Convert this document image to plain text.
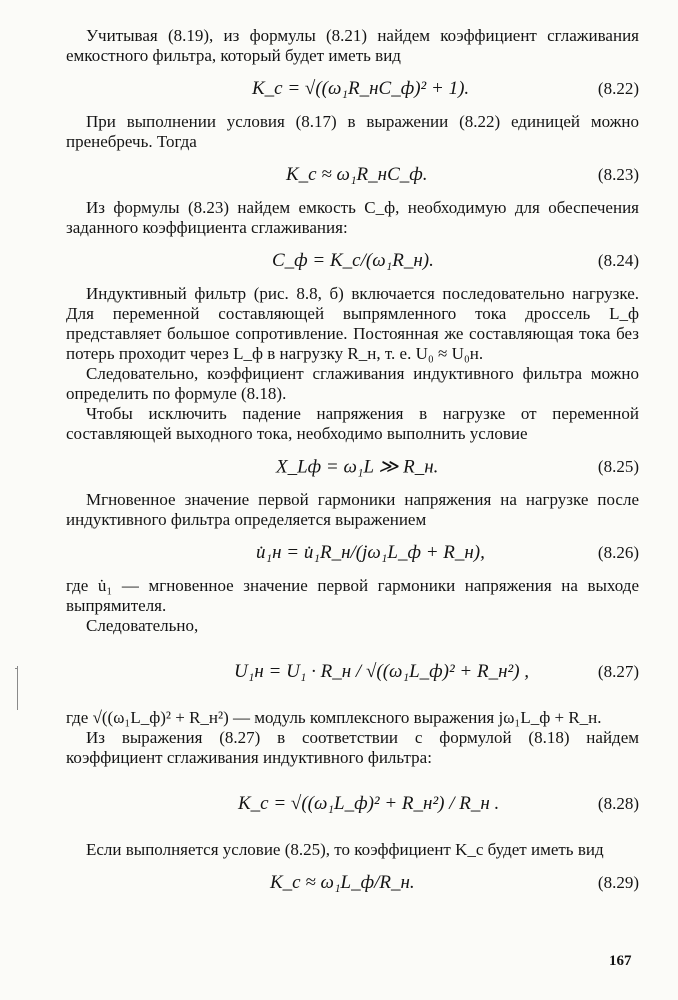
Учитывая (8.19), из формулы (8.21) найдем коэффициент сглаживания емкостного фильтра, который будет иметь вид

K_c = √((ω₁R_нC_ф)² + 1).	(8.22)

При выполнении условия (8.17) в выражении (8.22) единицей можно пренебречь. Тогда

K_c ≈ ω₁R_нC_ф.	(8.23)

Из формулы (8.23) найдем емкость C_ф, необходимую для обеспечения заданного коэффициента сглаживания:

C_ф = K_c/(ω₁R_н).	(8.24)

Индуктивный фильтр (рис. 8.8, б) включается последовательно нагрузке. Для переменной составляющей выпрямленного тока дроссель L_ф представляет большое сопротивление. Постоянная же составляющая тока без потерь проходит через L_ф в нагрузку R_н, т. е. U₀ ≈ U₀н.

Следовательно, коэффициент сглаживания индуктивного фильтра можно определить по формуле (8.18).

Чтобы исключить падение напряжения в нагрузке от переменной составляющей выходного тока, необходимо выполнить условие

X_Lф = ω₁L ≫ R_н.	(8.25)

Мгновенное значение первой гармоники напряжения на нагрузке после индуктивного фильтра определяется выражением

u̇₁н = u̇₁R_н/(jω₁L_ф + R_н),	(8.26)

где u̇₁ — мгновенное значение первой гармоники напряжения на выходе выпрямителя.

Следовательно,

U₁н = U₁ · R_н / √((ω₁L_ф)² + R_н²) ,	(8.27)

где √((ω₁L_ф)² + R_н²) — модуль комплексного выражения jω₁L_ф + R_н.

Из выражения (8.27) в соответствии с формулой (8.18) найдем коэффициент сглаживания индуктивного фильтра:

K_c = √((ω₁L_ф)² + R_н²) / R_н .	(8.28)

Если выполняется условие (8.25), то коэффициент K_c будет иметь вид

K_c ≈ ω₁L_ф/R_н.	(8.29)
167
